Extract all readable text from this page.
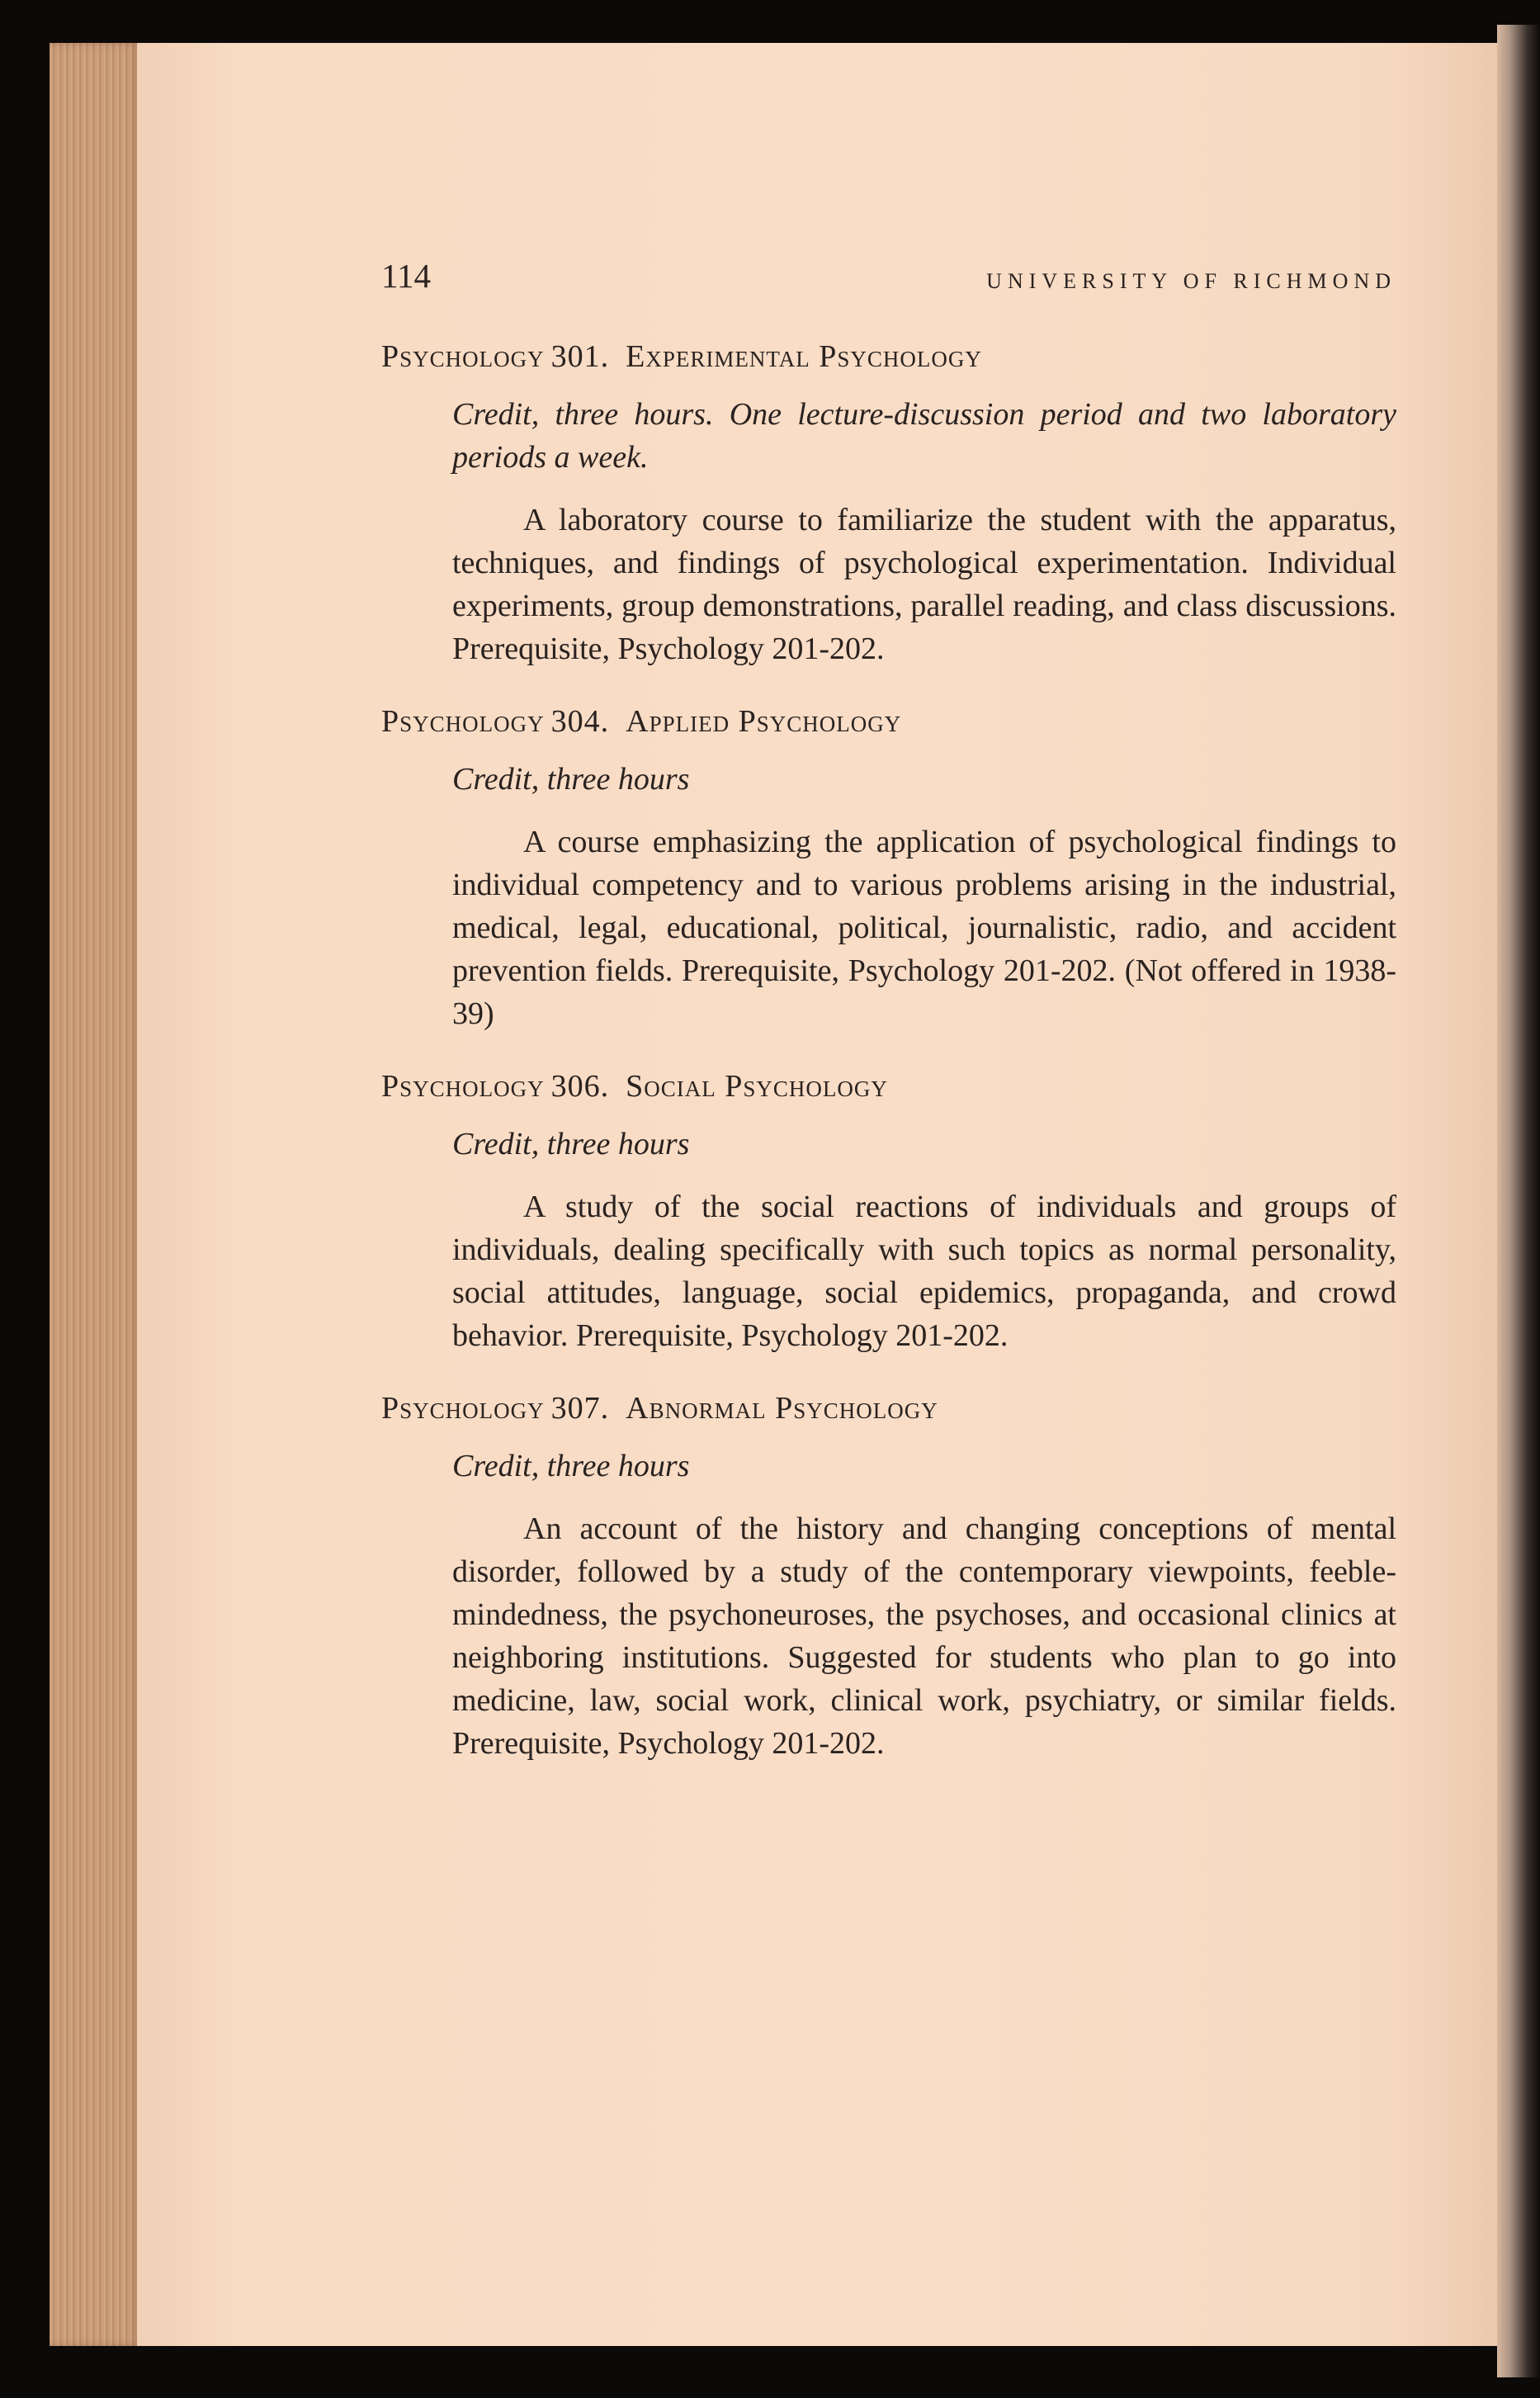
114	UNIVERSITY OF RICHMOND
Psychology 301. Experimental Psychology
Credit, three hours. One lecture-discussion period and two laboratory periods a week.
A laboratory course to familiarize the student with the apparatus, techniques, and findings of psychological experimentation. Individual experiments, group demonstrations, parallel reading, and class discussions. Prerequisite, Psychology 201-202.
Psychology 304. Applied Psychology
Credit, three hours
A course emphasizing the application of psychological findings to individual competency and to various problems arising in the industrial, medical, legal, educational, political, journalistic, radio, and accident prevention fields. Prerequisite, Psychology 201-202. (Not offered in 1938-39)
Psychology 306. Social Psychology
Credit, three hours
A study of the social reactions of individuals and groups of individuals, dealing specifically with such topics as normal personality, social attitudes, language, social epidemics, propaganda, and crowd behavior. Prerequisite, Psychology 201-202.
Psychology 307. Abnormal Psychology
Credit, three hours
An account of the history and changing conceptions of mental disorder, followed by a study of the contemporary viewpoints, feeble-mindedness, the psychoneuroses, the psychoses, and occasional clinics at neighboring institutions. Suggested for students who plan to go into medicine, law, social work, clinical work, psychiatry, or similar fields. Prerequisite, Psychology 201-202.
